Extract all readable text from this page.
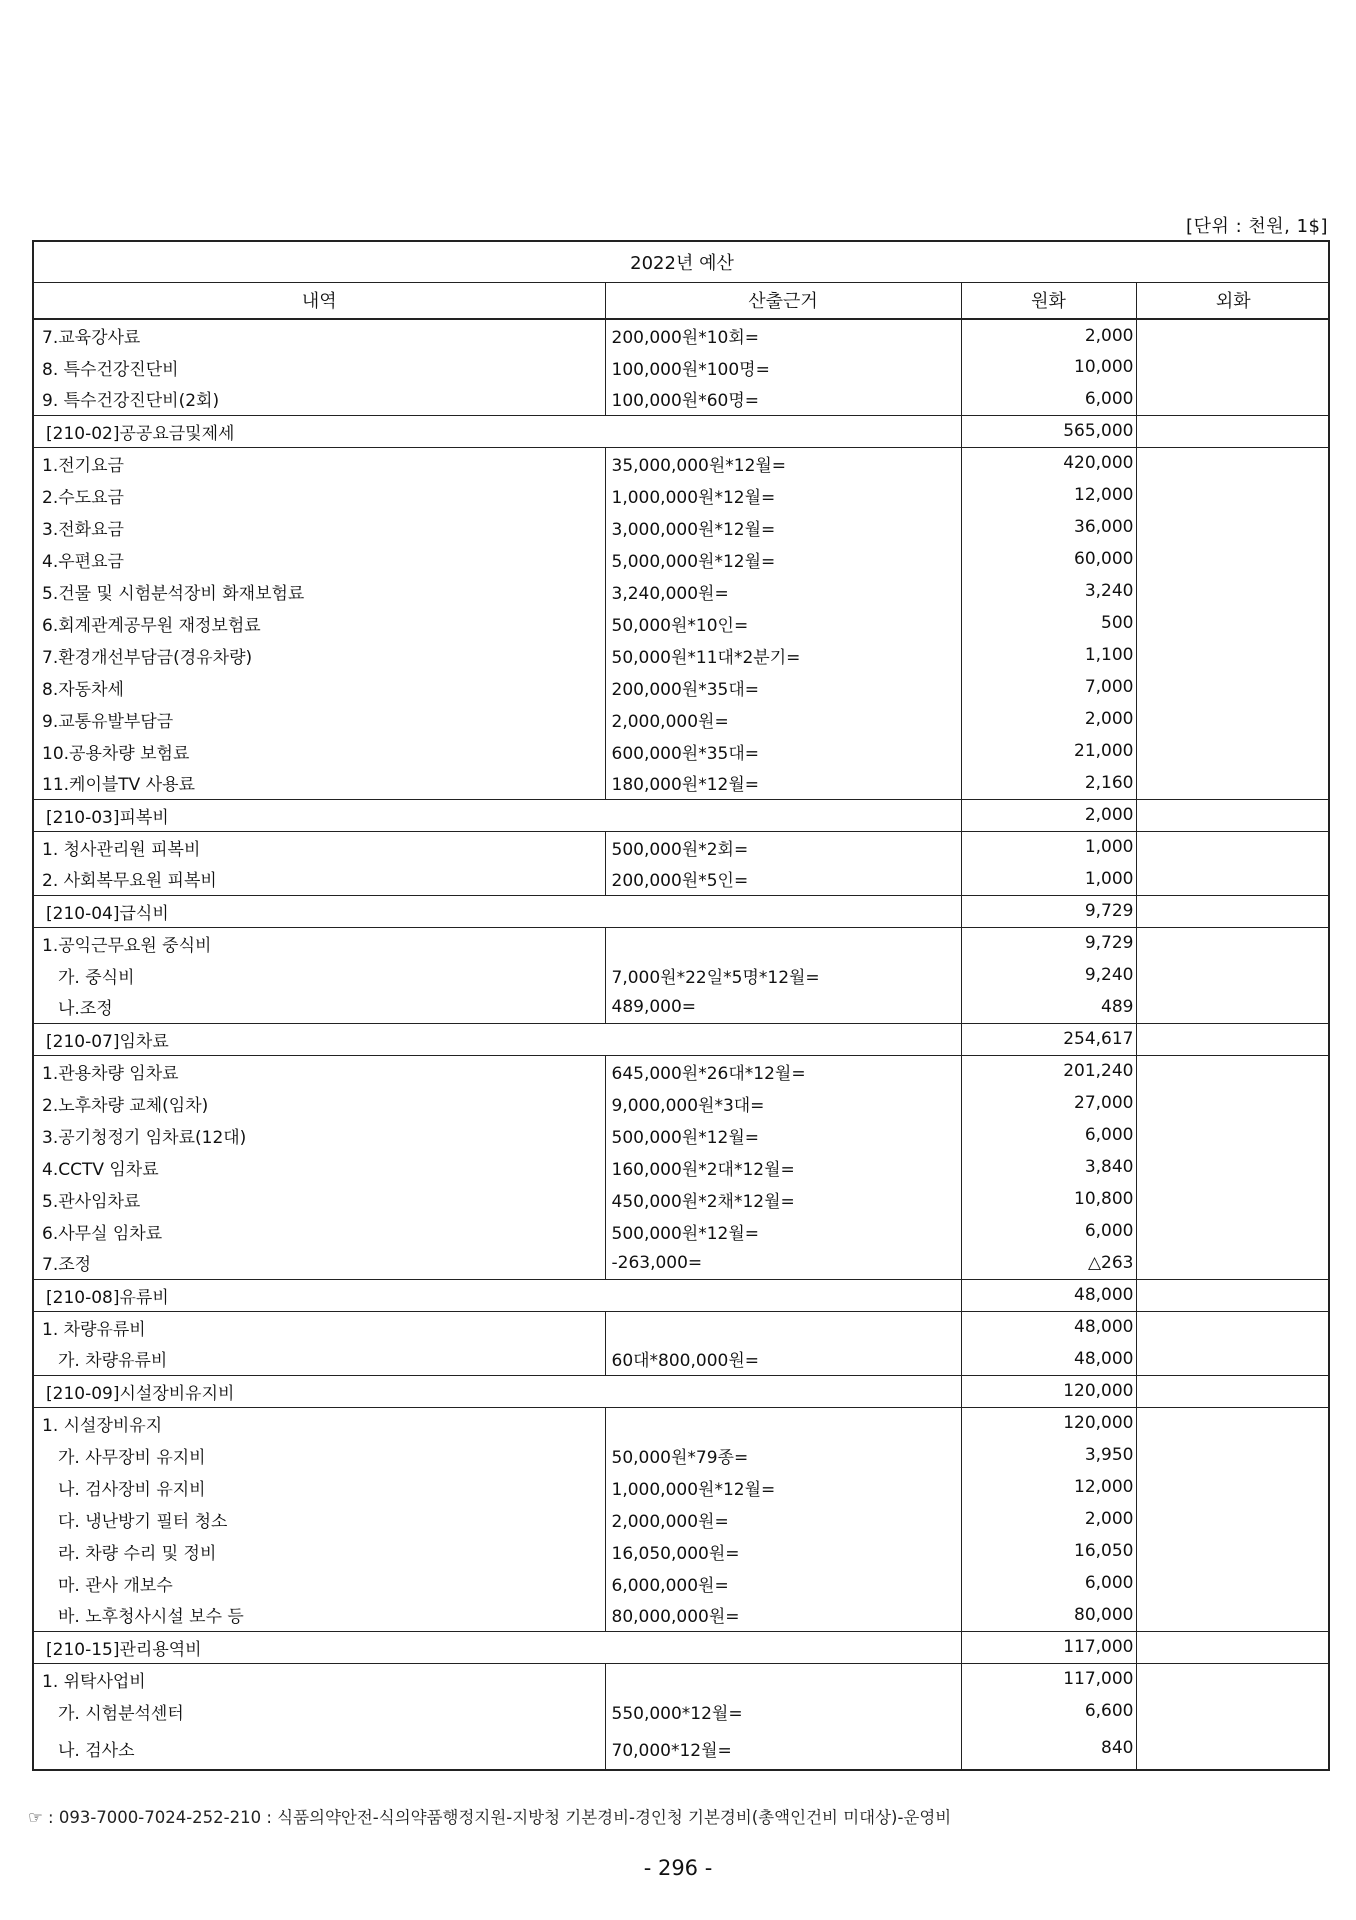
[단위 : 천원, 1$]
2022년 예산			
내역	산출근거	원화	외화
7.교육강사료	200,000원*10회=	2,000	
8. 특수건강진단비	100,000원*100명=	10,000	
9. 특수건강진단비(2회)	100,000원*60명=	6,000	
[210-02]공공요금및제세		565,000	
1.전기요금	35,000,000원*12월=	420,000	
2.수도요금	1,000,000원*12월=	12,000	
3.전화요금	3,000,000원*12월=	36,000	
4.우편요금	5,000,000원*12월=	60,000	
5.건물 및 시험분석장비 화재보험료	3,240,000원=	3,240	
6.회계관계공무원 재정보험료	50,000원*10인=	500	
7.환경개선부담금(경유차량)	50,000원*11대*2분기=	1,100	
8.자동차세	200,000원*35대=	7,000	
9.교통유발부담금	2,000,000원=	2,000	
10.공용차량 보험료	600,000원*35대=	21,000	
11.케이블TV 사용료	180,000원*12월=	2,160	
[210-03]피복비		2,000	
1. 청사관리원 피복비	500,000원*2회=	1,000	
2. 사회복무요원 피복비	200,000원*5인=	1,000	
[210-04]급식비		9,729	
1.공익근무요원 중식비		9,729	
가. 중식비	7,000원*22일*5명*12월=	9,240	
나.조정	489,000=	489	
[210-07]임차료		254,617	
1.관용차량 임차료	645,000원*26대*12월=	201,240	
2.노후차량 교체(임차)	9,000,000원*3대=	27,000	
3.공기청정기 임차료(12대)	500,000원*12월=	6,000	
4.CCTV 임차료	160,000원*2대*12월=	3,840	
5.관사임차료	450,000원*2채*12월=	10,800	
6.사무실 임차료	500,000원*12월=	6,000	
7.조정	-263,000=	△263	
[210-08]유류비		48,000	
1. 차량유류비		48,000	
가. 차량유류비	60대*800,000원=	48,000	
[210-09]시설장비유지비		120,000	
1. 시설장비유지		120,000	
가. 사무장비 유지비	50,000원*79종=	3,950	
나. 검사장비 유지비	1,000,000원*12월=	12,000	
다. 냉난방기 필터 청소	2,000,000원=	2,000	
라. 차량 수리 및 정비	16,050,000원=	16,050	
마. 관사 개보수	6,000,000원=	6,000	
바. 노후청사시설 보수 등	80,000,000원=	80,000	
[210-15]관리용역비		117,000	
1. 위탁사업비		117,000	
가. 시험분석센터	550,000*12월=	6,600	
나. 검사소	70,000*12월=	840	
☞ : 093-7000-7024-252-210 : 식품의약안전-식의약품행정지원-지방청 기본경비-경인청 기본경비(총액인건비 미대상)-운영비
- 296 -
